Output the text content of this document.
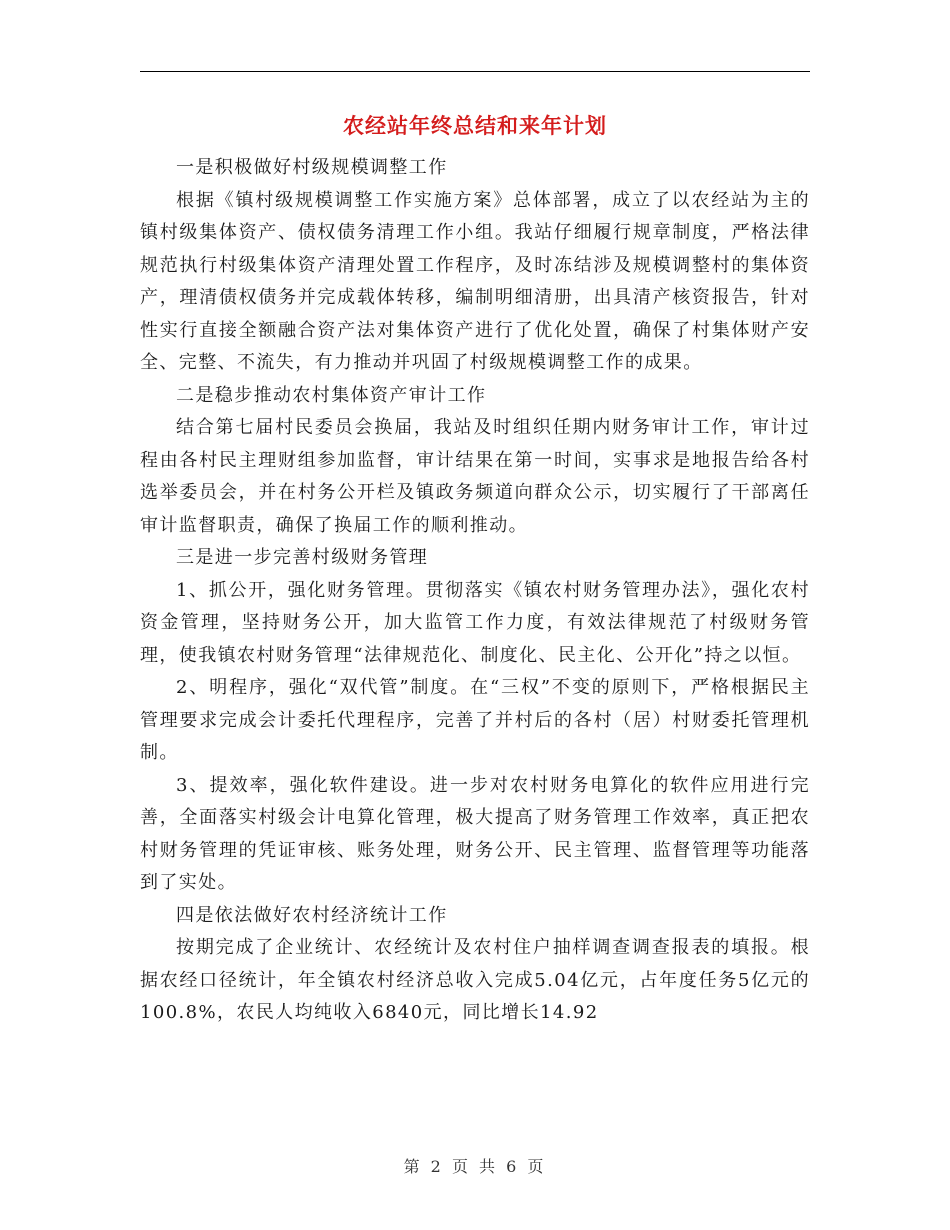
农经站年终总结和来年计划

一是积极做好村级规模调整工作

根据《镇村级规模调整工作实施方案》总体部署，成立了以农经站为主的镇村级集体资产、债权债务清理工作小组。我站仔细履行规章制度，严格法律规范执行村级集体资产清理处置工作程序，及时冻结涉及规模调整村的集体资产，理清债权债务并完成载体转移，编制明细清册，出具清产核资报告，针对性实行直接全额融合资产法对集体资产进行了优化处置，确保了村集体财产安全、完整、不流失，有力推动并巩固了村级规模调整工作的成果。

二是稳步推动农村集体资产审计工作

结合第七届村民委员会换届，我站及时组织任期内财务审计工作，审计过程由各村民主理财组参加监督，审计结果在第一时间，实事求是地报告给各村选举委员会，并在村务公开栏及镇政务频道向群众公示，切实履行了干部离任审计监督职责，确保了换届工作的顺利推动。

三是进一步完善村级财务管理

1、抓公开，强化财务管理。贯彻落实《镇农村财务管理办法》，强化农村资金管理，坚持财务公开，加大监管工作力度，有效法律规范了村级财务管理，使我镇农村财务管理“法律规范化、制度化、民主化、公开化”持之以恒。

2、明程序，强化“双代管”制度。在“三权”不变的原则下，严格根据民主管理要求完成会计委托代理程序，完善了并村后的各村（居）村财委托管理机制。

3、提效率，强化软件建设。进一步对农村财务电算化的软件应用进行完善，全面落实村级会计电算化管理，极大提高了财务管理工作效率，真正把农村财务管理的凭证审核、账务处理，财务公开、民主管理、监督管理等功能落到了实处。

四是依法做好农村经济统计工作

按期完成了企业统计、农经统计及农村住户抽样调查调查报表的填报。根据农经口径统计，年全镇农村经济总收入完成5.04亿元，占年度任务5亿元的100.8%，农民人均纯收入6840元，同比增长14.92

第 2 页 共 6 页
